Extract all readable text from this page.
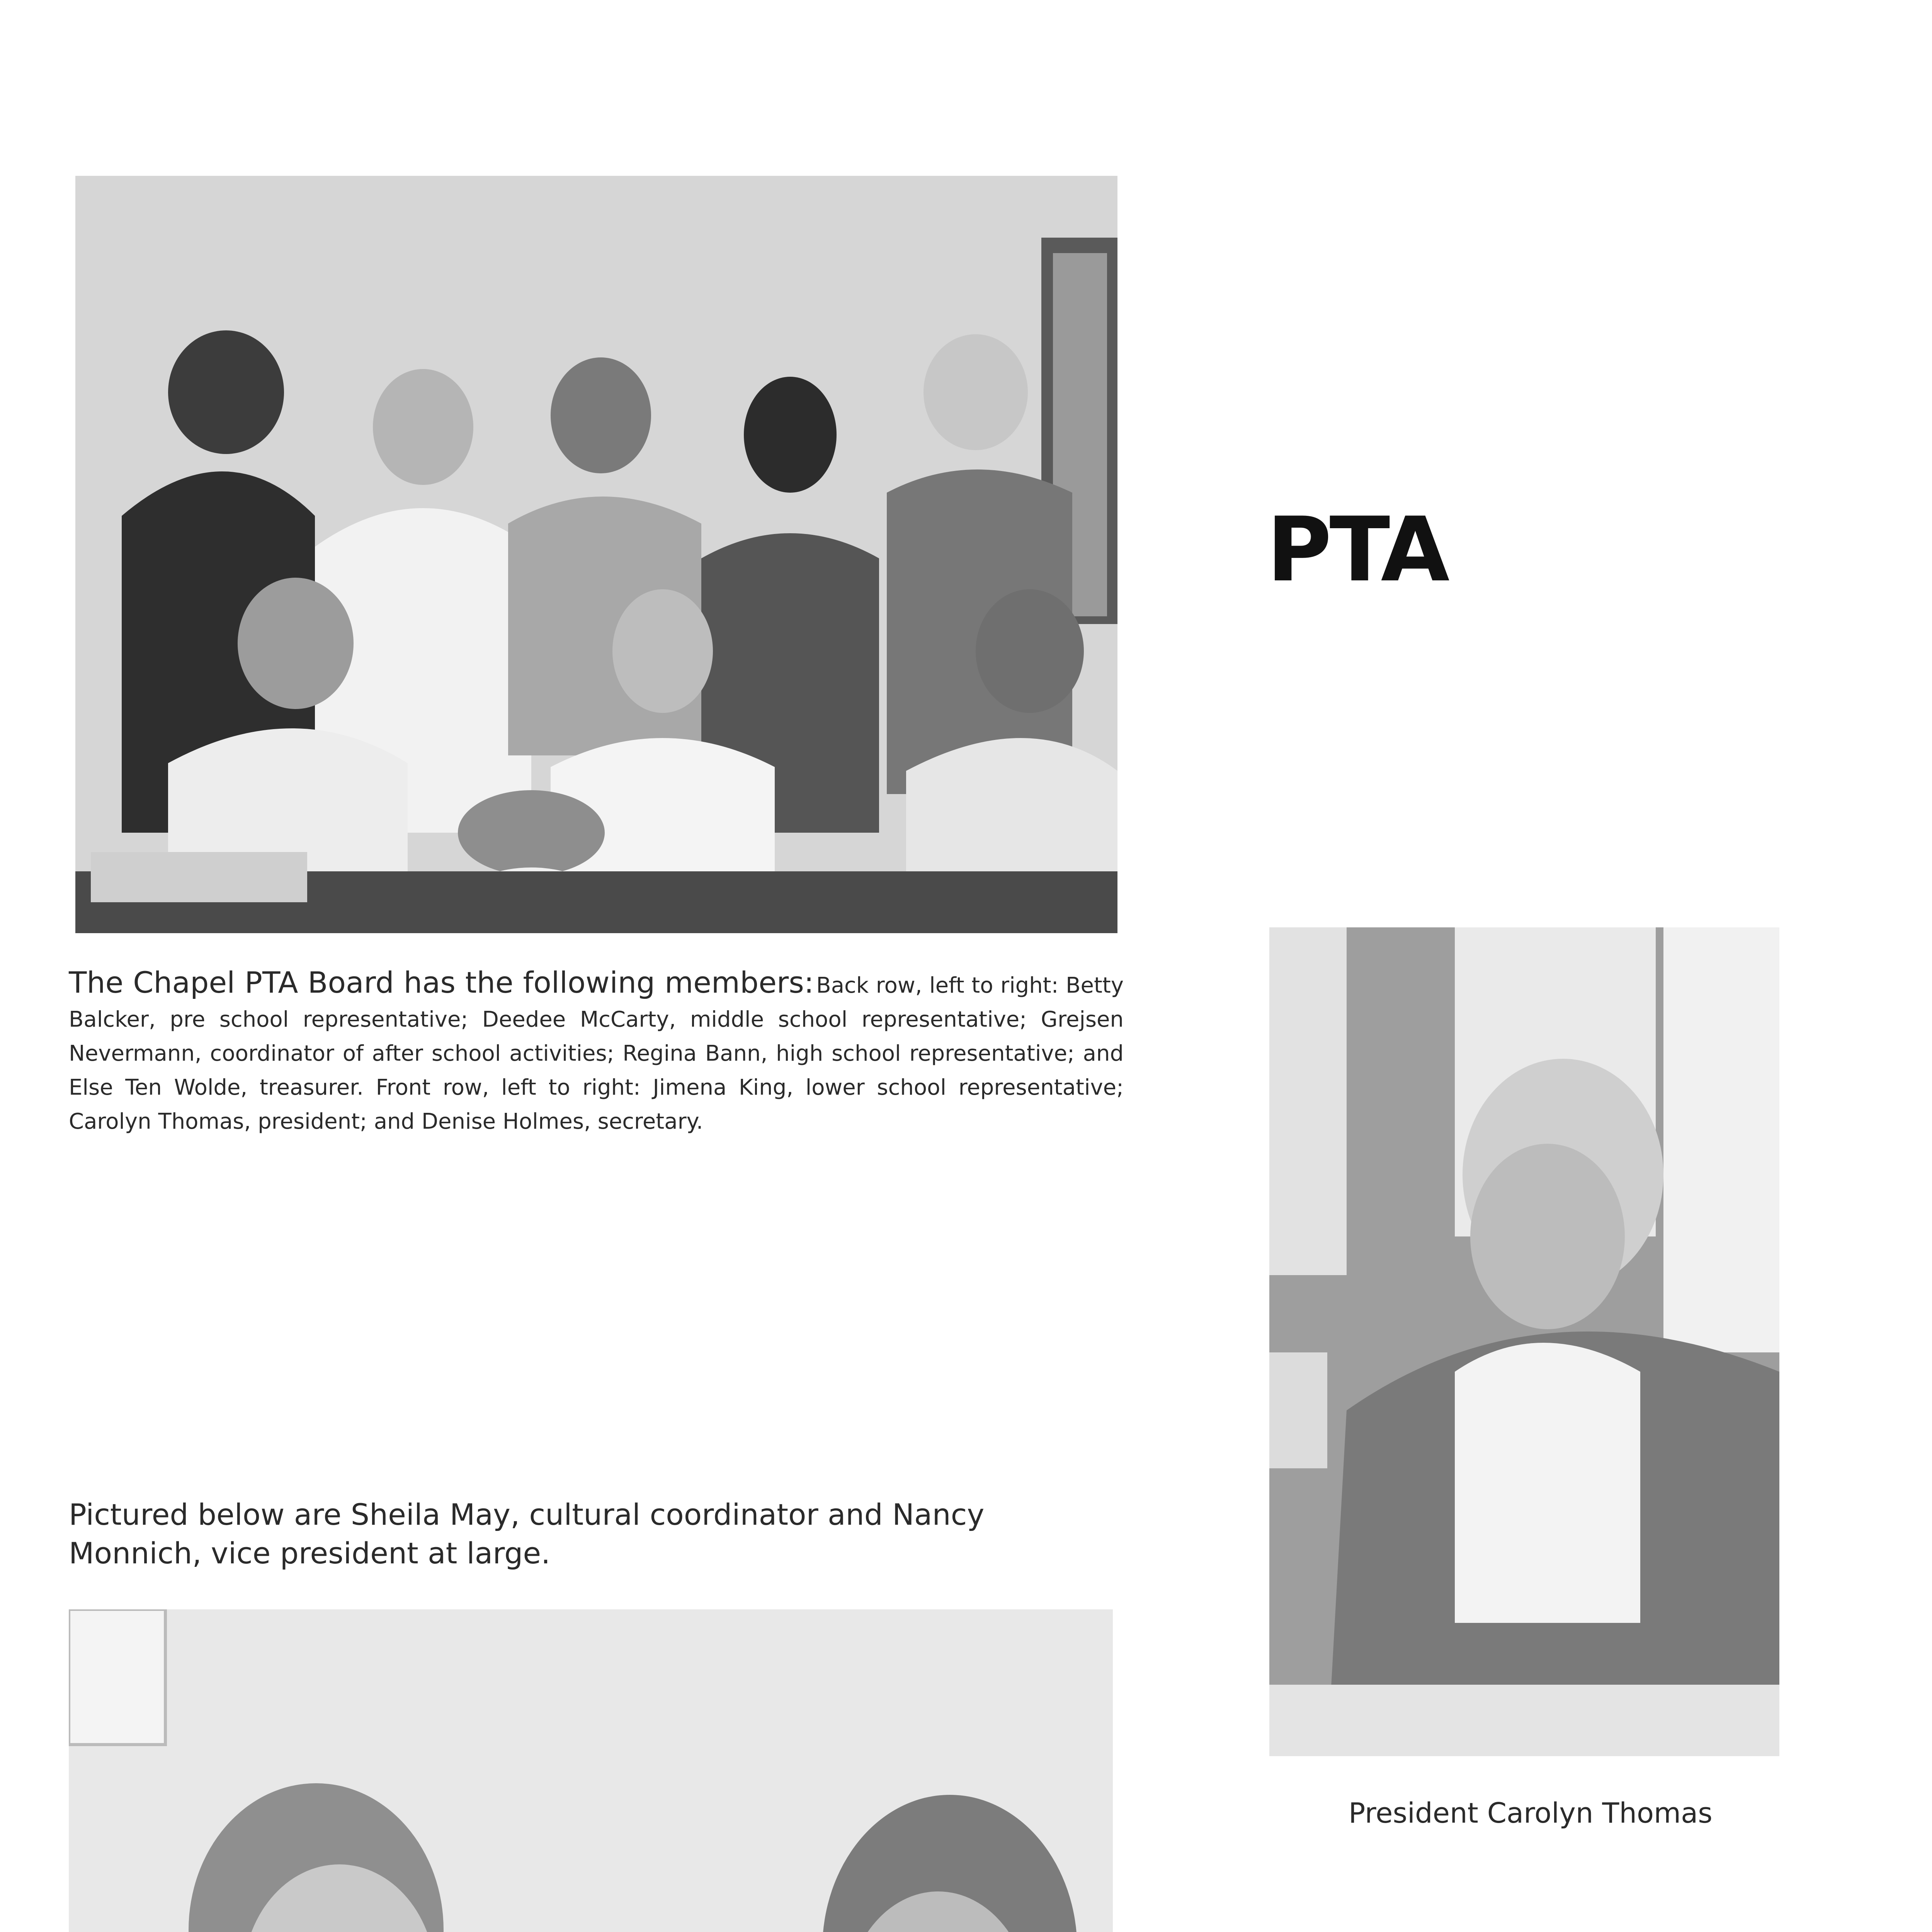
The Chapel PTA Board has the following members: Back row, left to right: Betty Balcker, pre school representative; Deedee McCarty, middle school representative; Grejsen Nevermann, coordinator of after school activities; Regina Bann, high school representative; and Else Ten Wolde, treasurer. Front row, left to right: Jimena King, lower school representative; Carolyn Thomas, president; and Denise Holmes, secretary.
PTA
President Carolyn Thomas
Pictured below are Sheila May, cultural coordinator and Nancy Monnich, vice president at large.
